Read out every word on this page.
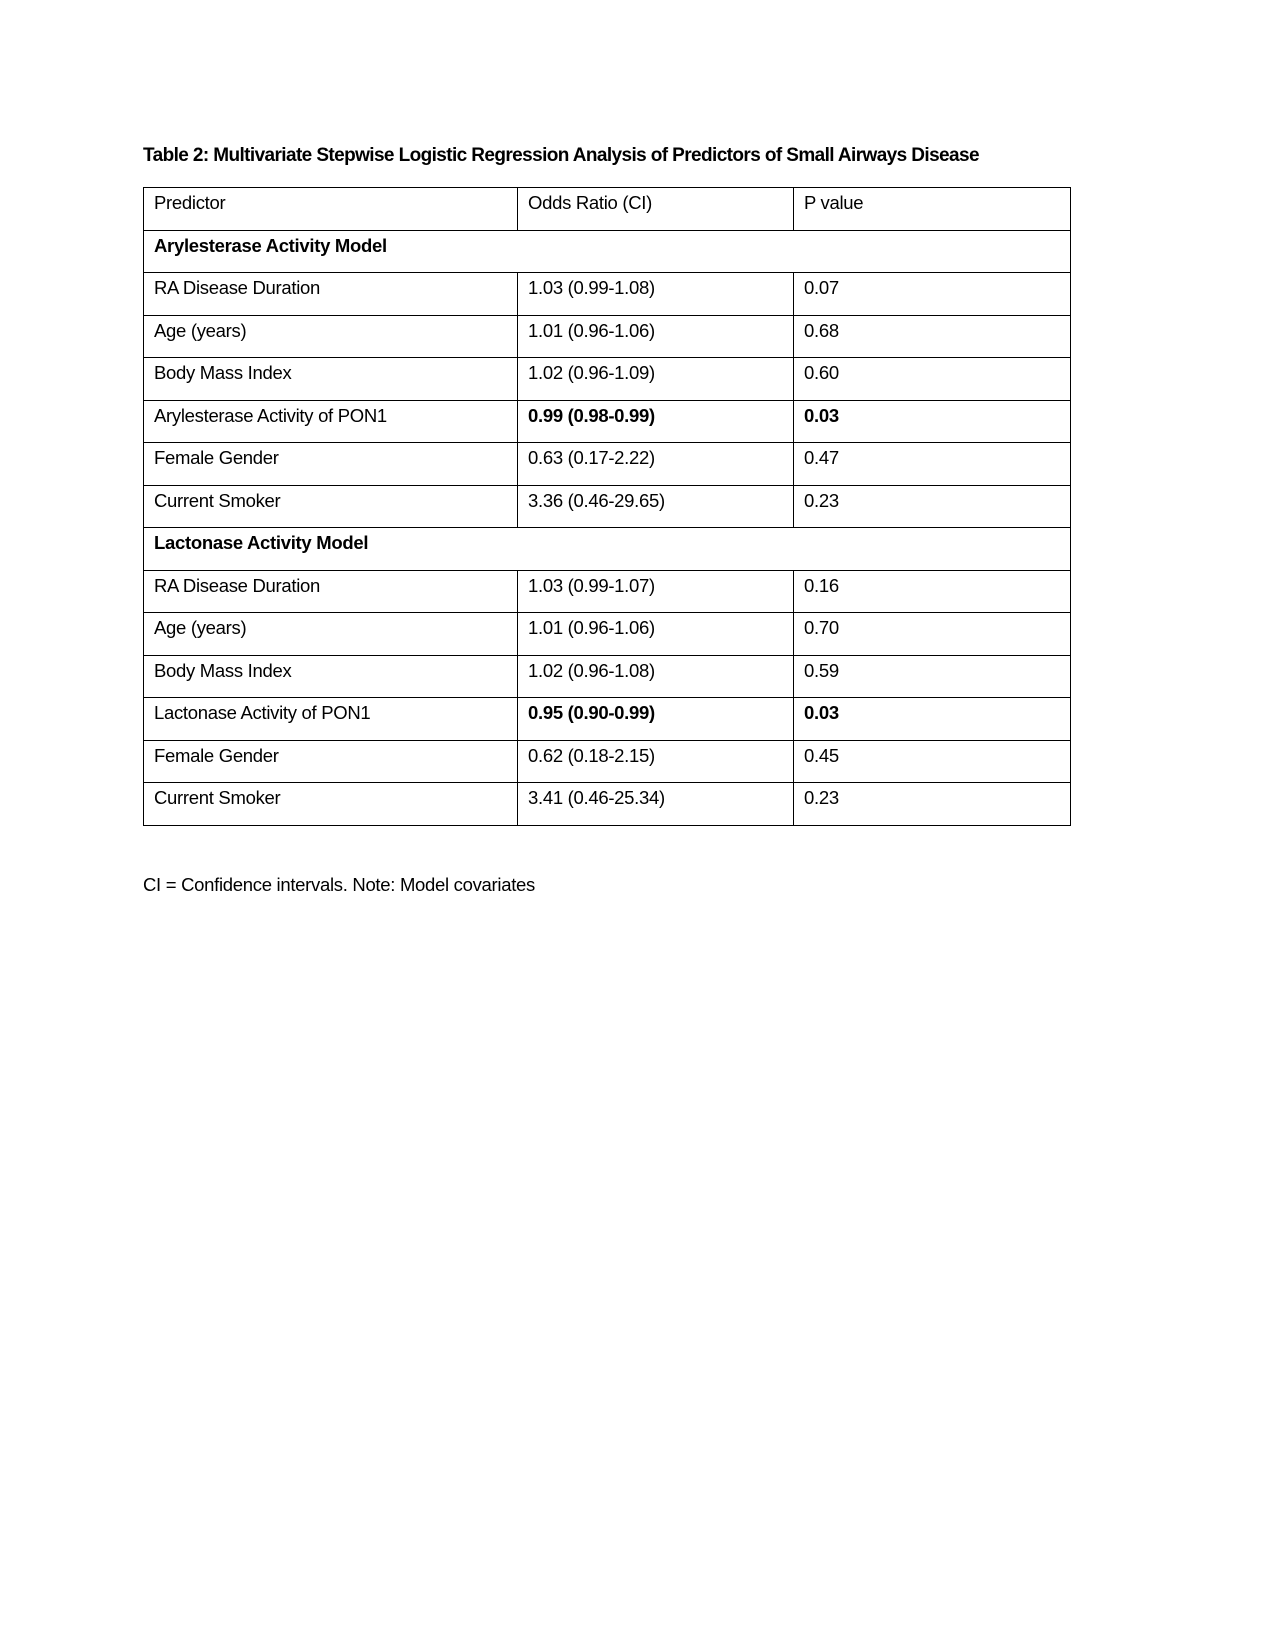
Table 2: Multivariate Stepwise Logistic Regression Analysis of Predictors of Small Airways Disease
Predictor	Odds Ratio (CI)	P value
Arylesterase Activity Model		
RA Disease Duration	1.03 (0.99-1.08)	0.07
Age (years)	1.01 (0.96-1.06)	0.68
Body Mass Index	1.02 (0.96-1.09)	0.60
Arylesterase Activity of PON1	0.99 (0.98-0.99)	0.03
Female Gender	0.63 (0.17-2.22)	0.47
Current Smoker	3.36 (0.46-29.65)	0.23
Lactonase Activity Model		
RA Disease Duration	1.03 (0.99-1.07)	0.16
Age (years)	1.01 (0.96-1.06)	0.70
Body Mass Index	1.02 (0.96-1.08)	0.59
Lactonase Activity of PON1	0.95 (0.90-0.99)	0.03
Female Gender	0.62 (0.18-2.15)	0.45
Current Smoker	3.41 (0.46-25.34)	0.23
CI = Confidence intervals. Note: Model covariates
